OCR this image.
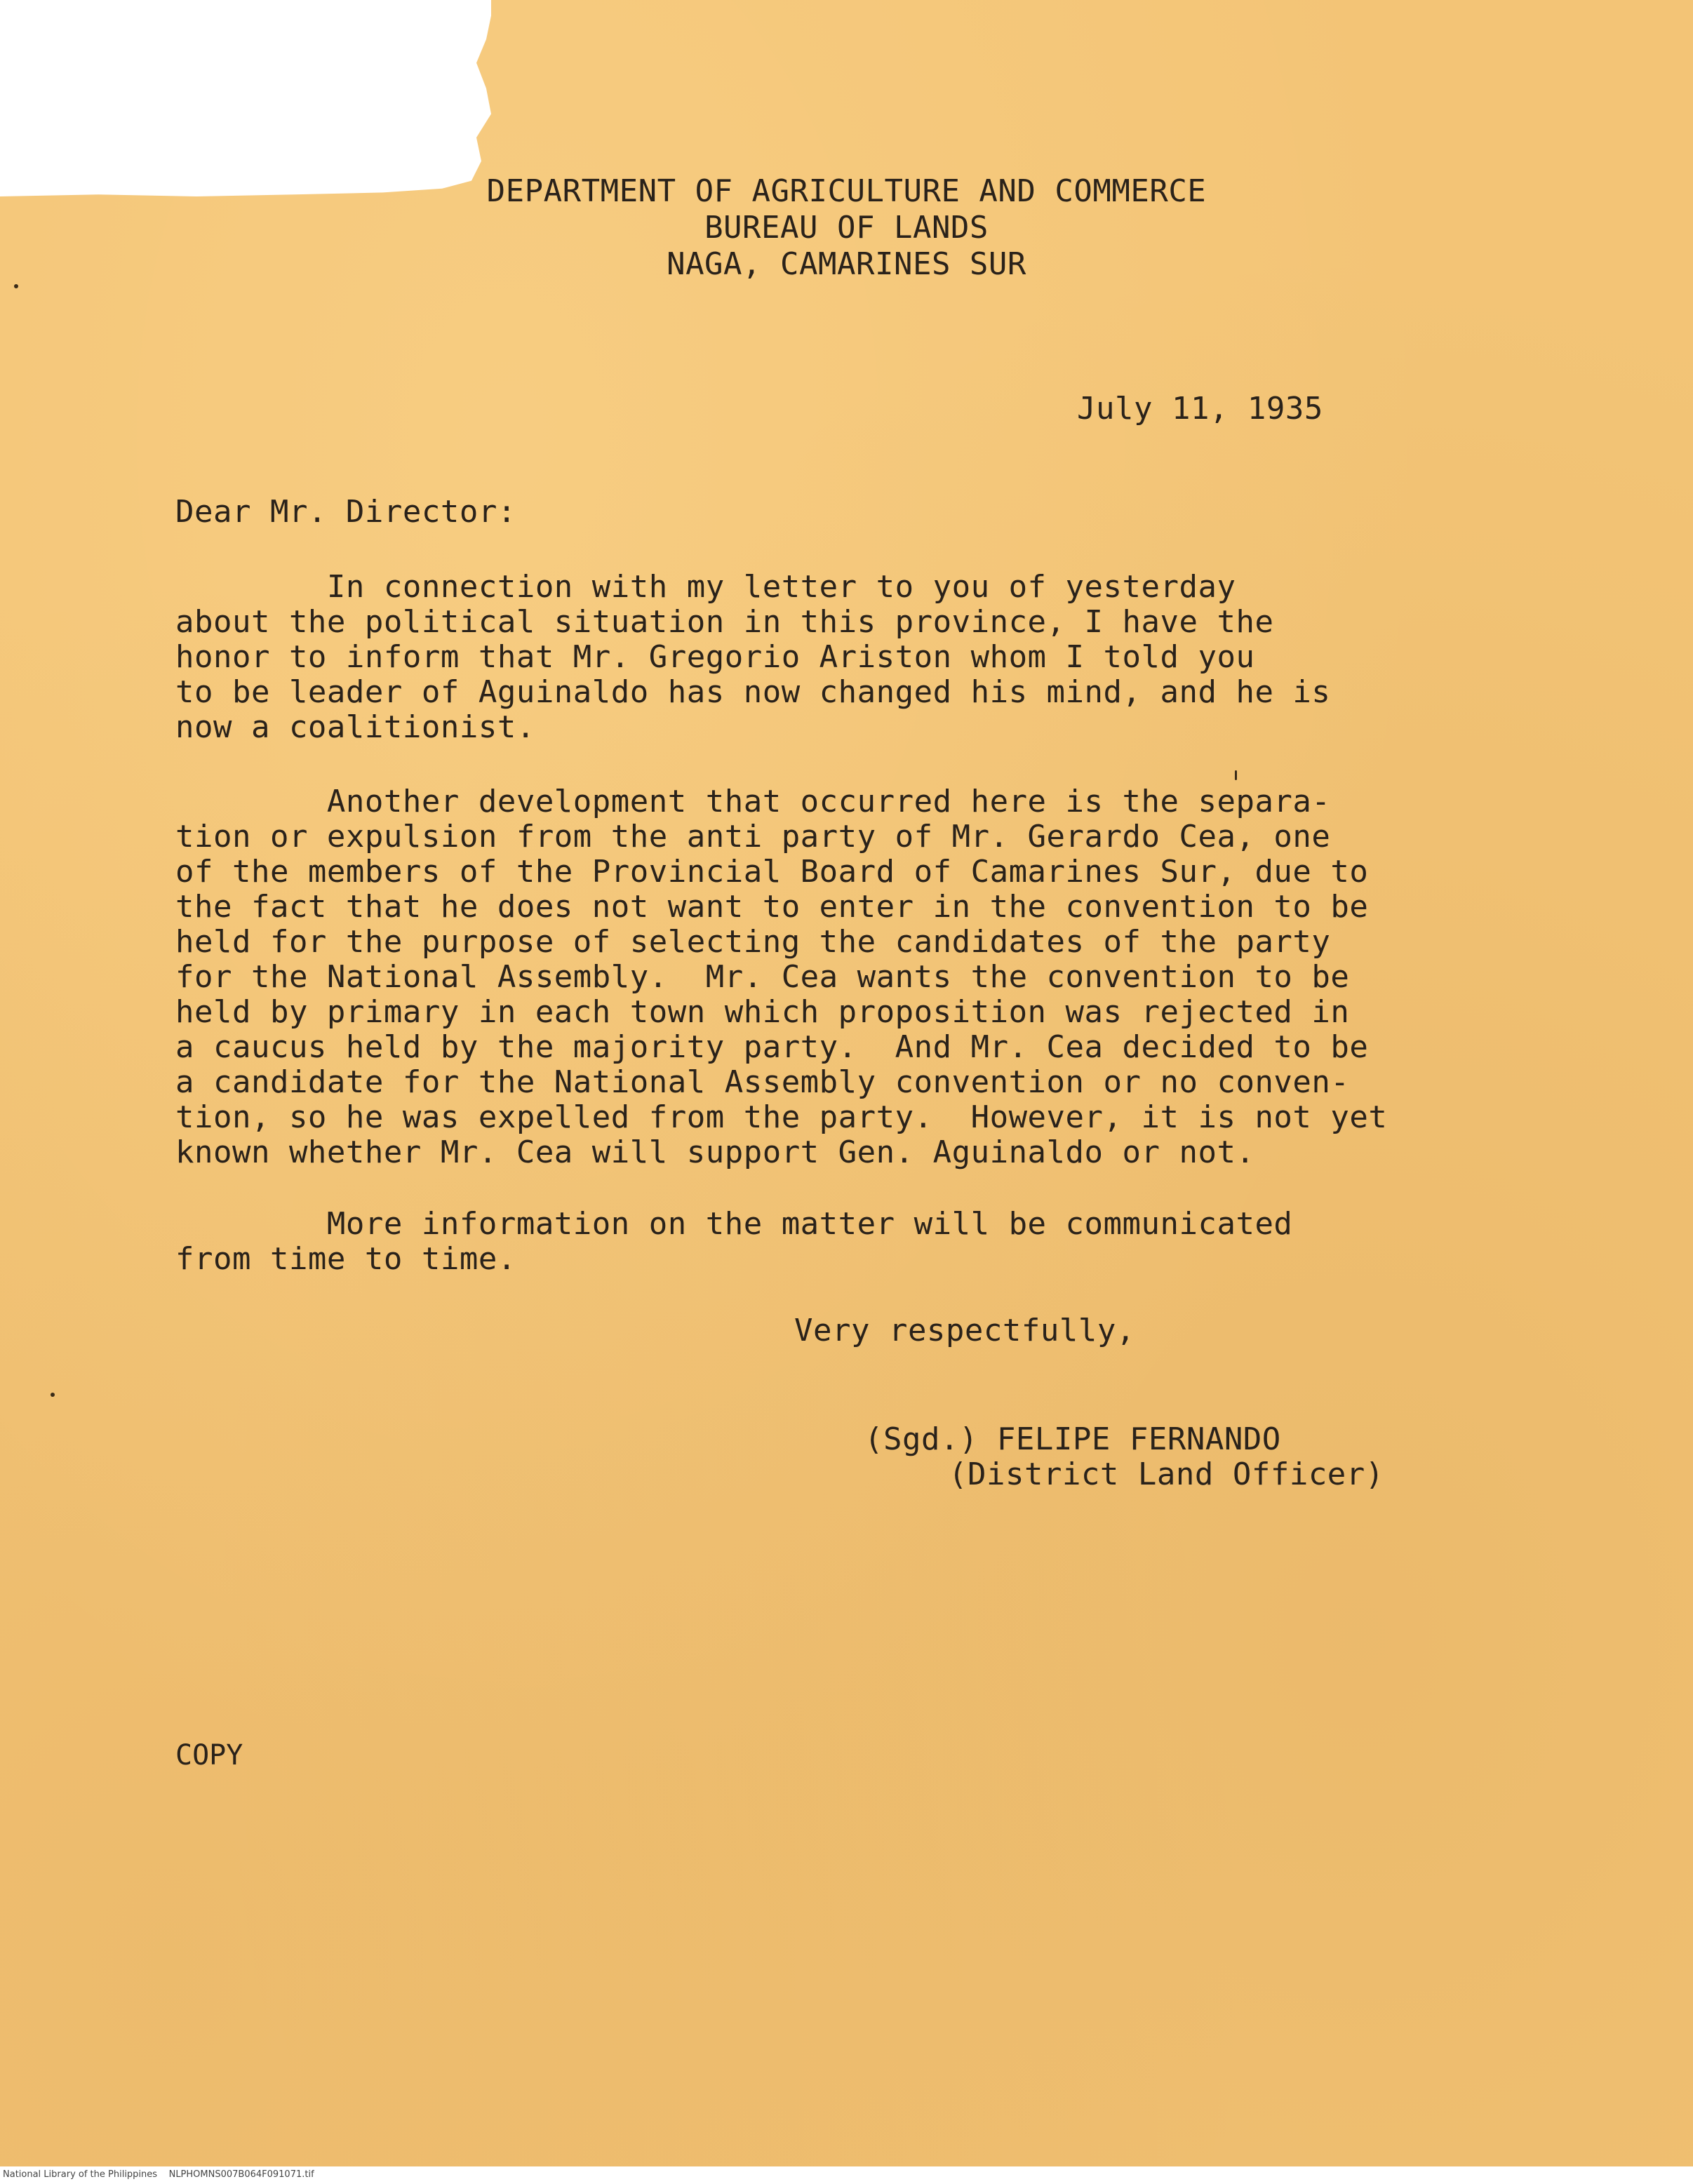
DEPARTMENT OF AGRICULTURE AND COMMERCE
BUREAU OF LANDS
NAGA, CAMARINES SUR
July 11, 1935
Dear Mr. Director:
In connection with my letter to you of yesterday
about the political situation in this province, I have the
honor to inform that Mr. Gregorio Ariston whom I told you
to be leader of Aguinaldo has now changed his mind, and he is
now a coalitionist.
Another development that occurred here is the separa-
tion or expulsion from the anti party of Mr. Gerardo Cea, one
of the members of the Provincial Board of Camarines Sur, due to
the fact that he does not want to enter in the convention to be
held for the purpose of selecting the candidates of the party
for the National Assembly.  Mr. Cea wants the convention to be
held by primary in each town which proposition was rejected in
a caucus held by the majority party.  And Mr. Cea decided to be
a candidate for the National Assembly convention or no conven-
tion, so he was expelled from the party.  However, it is not yet
known whether Mr. Cea will support Gen. Aguinaldo or not.
More information on the matter will be communicated
from time to time.
Very respectfully,
(Sgd.) FELIPE FERNANDO
(District Land Officer)
COPY
National Library of the Philippines    NLPHOMNS007B064F091071.tif
